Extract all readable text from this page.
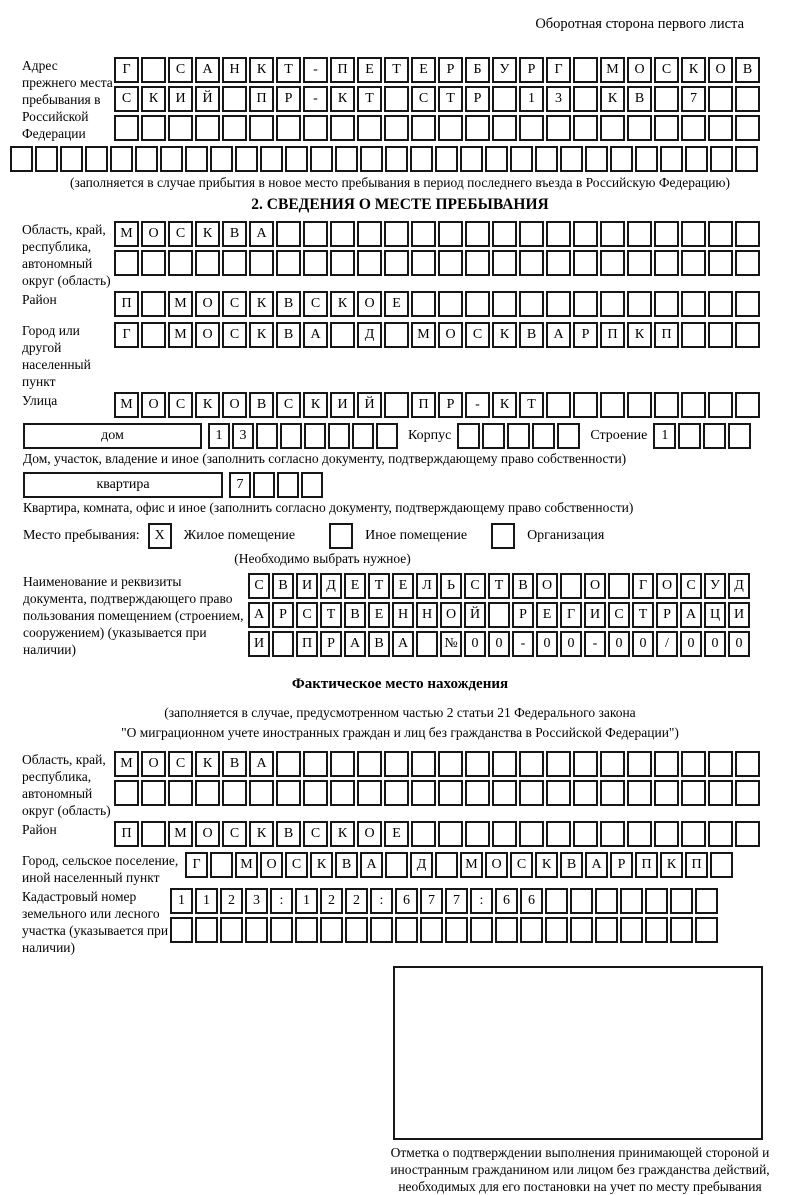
Оборотная сторона первого листа
Адрес прежнего места пребывания в Российской Федерации
Г	С	А	Н	К	Т	-	П	Е	Т	Е	Р	Б	У	Р	Г	М	О	С	К	О	В
С	К	И	Й	П	Р	-	К	Т	С	Т	Р	1	3	К	В	7
(заполняется в случае прибытия в новое место пребывания в период последнего въезда в Российскую Федерацию)
2. СВЕДЕНИЯ О МЕСТЕ ПРЕБЫВАНИЯ
Область, край, республика, автономный округ (область)
М	О	С	К	В	А
Район	П	М	О	С	К	В	С	К	О	Е
Город или другой населенный пункт
Г	М	О	С	К	В	А	Д	М	О	С	К	В	А	Р	П	К	П
Улица	М	О	С	К	О	В	С	К	И	Й	П	Р	-	К	Т
дом	1	3	Корпус	Строение	1
Дом, участок, владение и иное (заполнить согласно документу, подтверждающему право собственности)
квартира	7
Квартира, комната, офис и иное (заполнить согласно документу, подтверждающему право собственности)
Место пребывания:	X	Жилое помещение	Иное помещение	Организация
(Необходимо выбрать нужное)
Наименование и реквизиты документа, подтверждающего право пользования помещением (строением, сооружением) (указывается при наличии)
С	В	И	Д	Е	Т	Е	Л	Ь	С	Т	В	О	О	Г	О	С	У	Д
А	Р	С	Т	В	Е	Н Н О Й	Р	Е	Г	И	С	Т	Р	А Ц И
И	П	Р	А	В	А	№ 0	0	-	0	0	-	0	0	/	0	0	0
Фактическое место нахождения
(заполняется в случае, предусмотренном частью 2 статьи 21 Федерального закона
"О миграционном учете иностранных граждан и лиц без гражданства в Российской Федерации")
Область, край, республика, автономный округ (область)
М	О	С	К	В	А
Район	П	М	О	С	К	В	С	К	О	Е
Город, сельское поселение, иной населенный пункт
Г	М О	С	К	В	А	Д	М О	С	К	В	А	Р	П	К	П
Кадастровый номер земельного или лесного участка (указывается при наличии)
1	1	2	3	:	1	2	2	:	6	7	7	:	6	6
Отметка о подтверждении выполнения принимающей стороной и иностранным гражданином или лицом без гражданства действий, необходимых для его постановки на учет по месту пребывания
